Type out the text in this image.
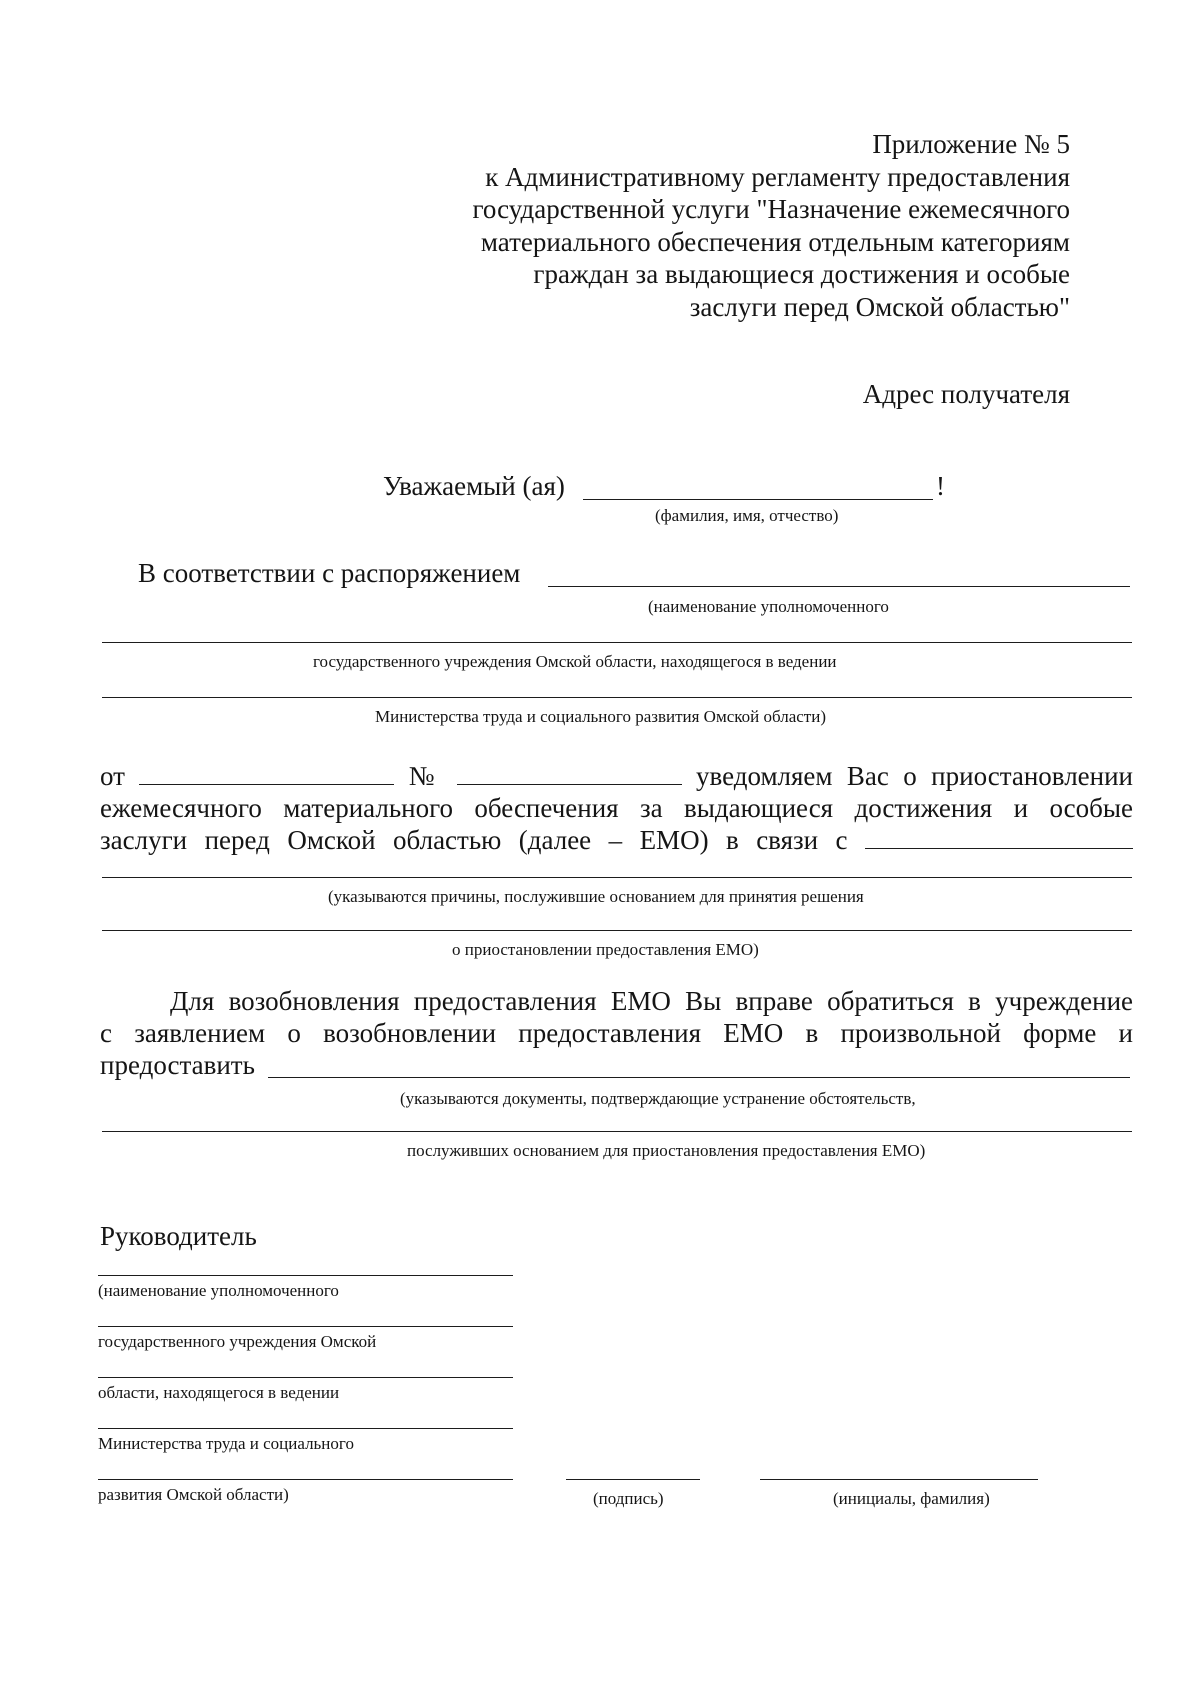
Приложение № 5
к Административному регламенту предоставления
государственной услуги "Назначение ежемесячного
материального обеспечения отдельным категориям
граждан за выдающиеся достижения и особые
заслуги перед Омской областью"
Адрес получателя
Уважаемый (ая)	!
(фамилия, имя, отчество)
В соответствии с распоряжением
(наименование уполномоченного
государственного учреждения Омской области, находящегося в ведении
Министерства труда и социального развития Омской области)
от	№	уведомляем Вас о приостановлении
ежемесячного материального обеспечения за выдающиеся достижения и особые
заслуги перед Омской областью (далее – ЕМО) в связи с
(указываются причины, послужившие основанием для принятия решения
о приостановлении предоставления ЕМО)
Для возобновления предоставления ЕМО Вы вправе обратиться в учреждение
с заявлением о возобновлении предоставления ЕМО в произвольной форме и
предоставить
(указываются документы, подтверждающие устранение обстоятельств,
послуживших основанием для приостановления предоставления ЕМО)
Руководитель
(наименование уполномоченного
государственного учреждения Омской
области, находящегося в ведении
Министерства труда и социального
развития Омской области)	(подпись)	(инициалы, фамилия)
